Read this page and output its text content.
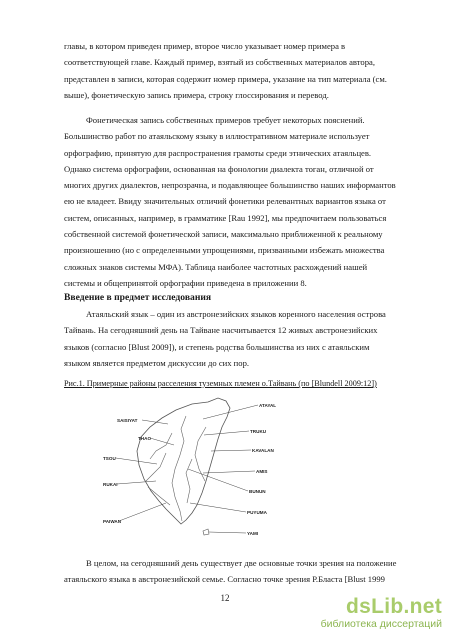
главы, в котором приведен пример, второе число указывает номер примера в
соответствующей главе. Каждый пример, взятый из собственных материалов автора,
представлен в записи, которая содержит номер примера, указание на тип материала (см.
выше), фонетическую запись примера, строку глоссирования и перевод.
Фонетическая запись собственных примеров требует некоторых пояснений.
Большинство работ по атаяльскому языку в иллюстративном материале использует
орфографию, принятую для распространения грамоты среди этнических атаяльцев.
Однако система орфографии, основанная на фонологии диалекта тоган, отличной от
многих других диалектов, непрозрачна, и подавляющее большинство наших информантов
ею не владеет. Ввиду значительных отличий фонетики релевантных вариантов языка от
систем, описанных, например, в грамматике [Rau 1992], мы предпочитаем пользоваться
собственной системой фонетической записи, максимально приближенной к реальному
произношению (но с определенными упрощениями, призванными избежать множества
сложных знаков системы МФА). Таблица наиболее частотных расхождений нашей
системы и общепринятой орфографии приведена в приложении 8.
Введение в предмет исследования
Атаяльский язык – один из австронезийских языков коренного населения острова
Тайвань. На сегодняшний день на Тайване насчитывается 12 живых австронезийских
языков (согласно [Blust 2009]), и степень родства большинства из них с атаяльским
языком является предметом дискуссии до сих пор.

Рис.1. Примерные районы расселения туземных племен о.Тайвань (по [Blundell 2009:12])

SAISIYAT
THAO
TSOU
RUKAI
PAIWAN
ATAYAL
TRUKU
KAVALAN
AMIS
BUNUN
PUYUMA
YAMI
В целом, на сегодняшний день существует две основные точки зрения на положение
атаяльского языка в австронезийской семье. Согласно точке зрения Р.Бласта [Blust 1999
12	dsLib.net
библиотека диссертаций
